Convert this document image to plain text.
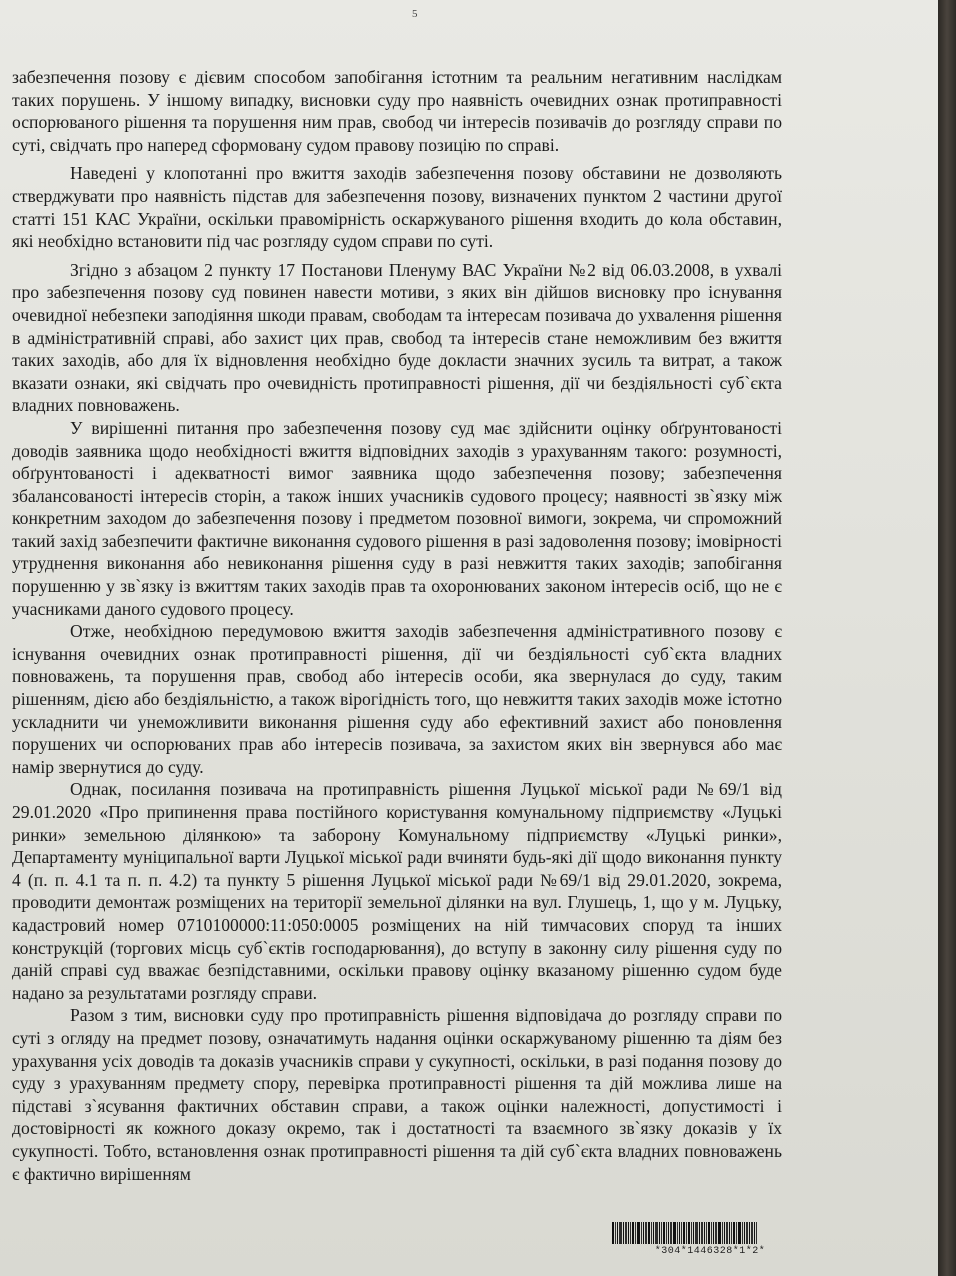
5

забезпечення позову є дієвим способом запобігання істотним та реальним негативним наслідкам таких порушень. У іншому випадку, висновки суду про наявність очевидних ознак протиправності оспорюваного рішення та порушення ним прав, свобод чи інтересів позивачів до розгляду справи по суті, свідчать про наперед сформовану судом правову позицію по справі.

Наведені у клопотанні про вжиття заходів забезпечення позову обставини не дозволяють стверджувати про наявність підстав для забезпечення позову, визначених пунктом 2 частини другої статті 151 КАС України, оскільки правомірність оскаржуваного рішення входить до кола обставин, які необхідно встановити під час розгляду судом справи по суті.

Згідно з абзацом 2 пункту 17 Постанови Пленуму ВАС України №2 від 06.03.2008, в ухвалі про забезпечення позову суд повинен навести мотиви, з яких він дійшов висновку про існування очевидної небезпеки заподіяння шкоди правам, свободам та інтересам позивача до ухвалення рішення в адміністративній справі, або захист цих прав, свобод та інтересів стане неможливим без вжиття таких заходів, або для їх відновлення необхідно буде докласти значних зусиль та витрат, а також вказати ознаки, які свідчать про очевидність протиправності рішення, дії чи бездіяльності суб`єкта владних повноважень.

У вирішенні питання про забезпечення позову суд має здійснити оцінку обґрунтованості доводів заявника щодо необхідності вжиття відповідних заходів з урахуванням такого: розумності, обґрунтованості і адекватності вимог заявника щодо забезпечення позову; забезпечення збалансованості інтересів сторін, а також інших учасників судового процесу; наявності зв`язку між конкретним заходом до забезпечення позову і предметом позовної вимоги, зокрема, чи спроможний такий захід забезпечити фактичне виконання судового рішення в разі задоволення позову; імовірності утруднення виконання або невиконання рішення суду в разі невжиття таких заходів; запобігання порушенню у зв`язку із вжиттям таких заходів прав та охоронюваних законом інтересів осіб, що не є учасниками даного судового процесу.

Отже, необхідною передумовою вжиття заходів забезпечення адміністративного позову є існування очевидних ознак протиправності рішення, дії чи бездіяльності суб`єкта владних повноважень, та порушення прав, свобод або інтересів особи, яка звернулася до суду, таким рішенням, дією або бездіяльністю, а також вірогідність того, що невжиття таких заходів може істотно ускладнити чи унеможливити виконання рішення суду або ефективний захист або поновлення порушених чи оспорюваних прав або інтересів позивача, за захистом яких він звернувся або має намір звернутися до суду.

Однак, посилання позивача на протиправність рішення Луцької міської ради №69/1 від 29.01.2020 «Про припинення права постійного користування комунальному підприємству «Луцькі ринки» земельною ділянкою» та заборону Комунальному підприємству «Луцькі ринки», Департаменту муніципальної варти Луцької міської ради вчиняти будь-які дії щодо виконання пункту 4 (п. п. 4.1 та п. п. 4.2) та пункту 5 рішення Луцької міської ради №69/1 від 29.01.2020, зокрема, проводити демонтаж розміщених на території земельної ділянки на вул. Глушець, 1, що у м. Луцьку, кадастровий номер 0710100000:11:050:0005 розміщених на ній тимчасових споруд та інших конструкцій (торгових місць суб`єктів господарювання), до вступу в законну силу рішення суду по даній справі суд вважає безпідставними, оскільки правову оцінку вказаному рішенню судом буде надано за результатами розгляду справи.

Разом з тим, висновки суду про протиправність рішення відповідача до розгляду справи по суті з огляду на предмет позову, означатимуть надання оцінки оскаржуваному рішенню та діям без урахування усіх доводів та доказів учасників справи у сукупності, оскільки, в разі подання позову до суду з урахуванням предмету спору, перевірка протиправності рішення та дій можлива лише на підставі з`ясування фактичних обставин справи, а також оцінки належності, допустимості і достовірності як кожного доказу окремо, так і достатності та взаємного зв`язку доказів у їх сукупності. Тобто, встановлення ознак протиправності рішення та дій суб`єкта владних повноважень є фактично вирішенням

*304*1446328*1*2*
